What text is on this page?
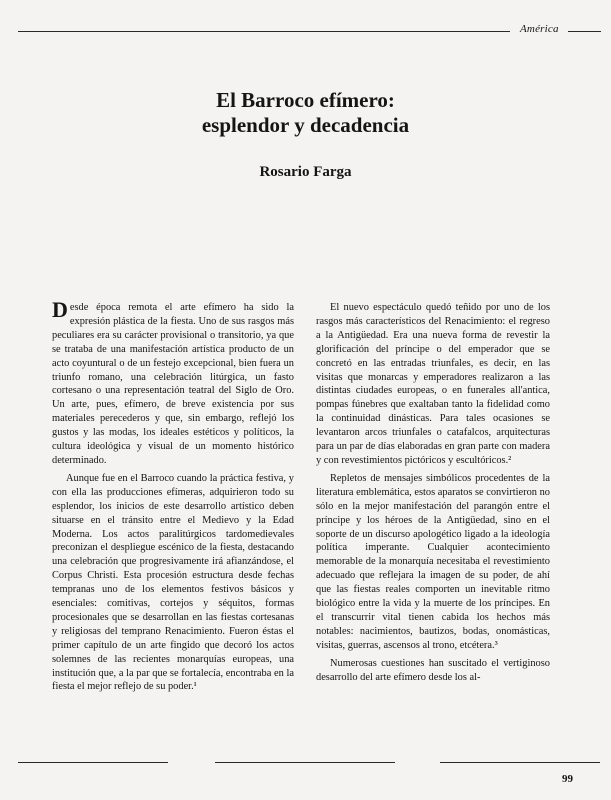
América
El Barroco efímero:
esplendor y decadencia
Rosario Farga

Desde época remota el arte efímero ha sido la expresión plástica de la fiesta. Uno de sus rasgos más peculiares era su carácter provisional o transitorio, ya que se trataba de una manifestación artística producto de un acto coyuntural o de un festejo excepcional, bien fuera un triunfo romano, una celebración litúrgica, un fasto cortesano o una representación teatral del Siglo de Oro. Un arte, pues, efímero, de breve existencia por sus materiales perecederos y que, sin embargo, reflejó los gustos y las modas, los ideales estéticos y políticos, la cultura ideológica y visual de un momento histórico determinado.

Aunque fue en el Barroco cuando la práctica festiva, y con ella las producciones efímeras, adquirieron todo su esplendor, los inicios de este desarrollo artístico deben situarse en el tránsito entre el Medievo y la Edad Moderna. Los actos paralitúrgicos tardomedievales preconizan el despliegue escénico de la fiesta, destacando una celebración que progresivamente irá afianzándose, el Corpus Christi. Esta procesión estructura desde fechas tempranas uno de los elementos festivos básicos y esenciales: comitivas, cortejos y séquitos, formas procesionales que se desarrollan en las fiestas cortesanas y religiosas del temprano Renacimiento. Fueron éstas el primer capítulo de un arte fingido que decoró los actos solemnes de las recientes monarquías europeas, una institución que, a la par que se fortalecía, encontraba en la fiesta el mejor reflejo de su poder.¹

El nuevo espectáculo quedó teñido por uno de los rasgos más característicos del Renacimiento: el regreso a la Antigüedad. Era una nueva forma de revestir la glorificación del príncipe o del emperador que se concretó en las entradas triunfales, es decir, en las visitas que monarcas y emperadores realizaron a las distintas ciudades europeas, o en funerales all'antica, pompas fúnebres que exaltaban tanto la fidelidad como la continuidad dinásticas. Para tales ocasiones se levantaron arcos triunfales o catafalcos, arquitecturas para un par de días elaboradas en gran parte con madera y con revestimientos pictóricos y escultóricos.²

Repletos de mensajes simbólicos procedentes de la literatura emblemática, estos aparatos se convirtieron no sólo en la mejor manifestación del parangón entre el príncipe y los héroes de la Antigüedad, sino en el soporte de un discurso apologético ligado a la ideología política imperante. Cualquier acontecimiento memorable de la monarquía necesitaba el revestimiento adecuado que reflejara la imagen de su poder, de ahí que las fiestas reales comporten un inevitable ritmo biológico entre la vida y la muerte de los príncipes. En el transcurrir vital tienen cabida los hechos más notables: nacimientos, bautizos, bodas, onomásticas, visitas, guerras, ascensos al trono, etcétera.³

Numerosas cuestiones han suscitado el vertiginoso desarrollo del arte efímero desde los al-

99
